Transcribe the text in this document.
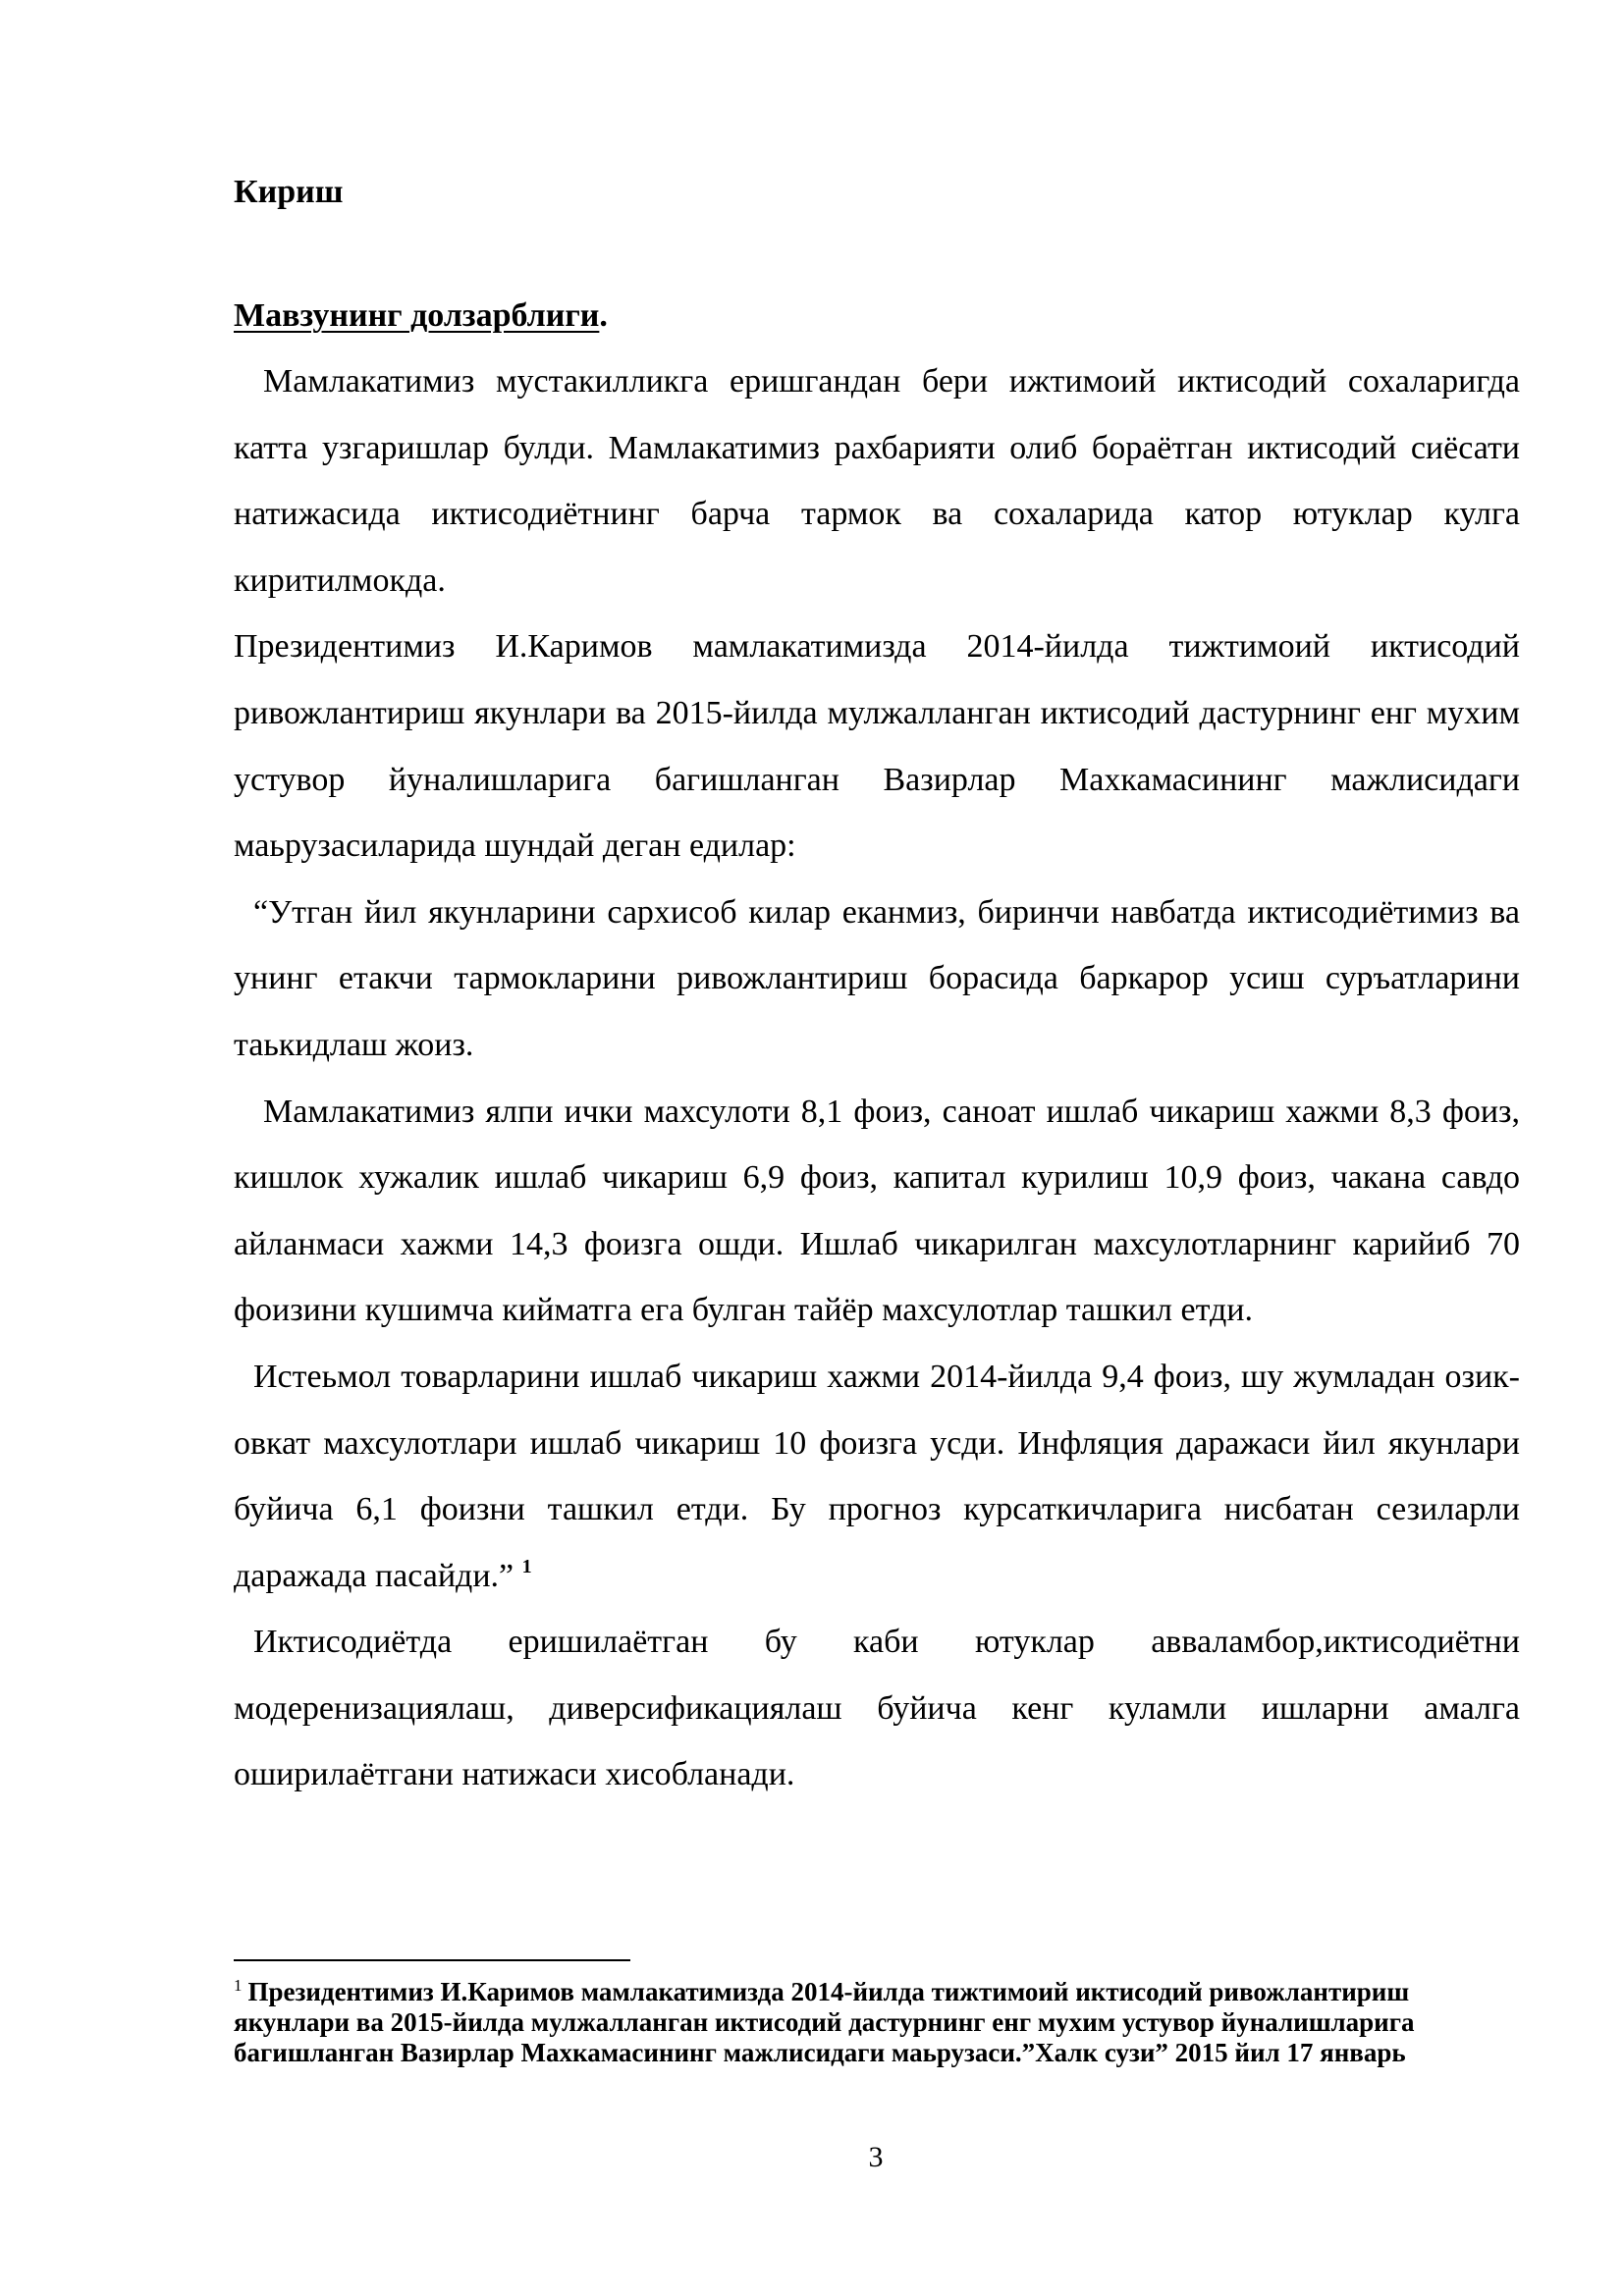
Кириш

Мавзунинг долзарблиги.

Мамлакатимиз мустакилликга еришгандан бери ижтимоий иктисодий сохаларигда катта узгаришлар булди. Мамлакатимиз рахбарияти олиб бораётган иктисодий сиёсати натижасида иктисодиётнинг барча тармок ва сохаларида катор ютуклар кулга киритилмокда.

Президентимиз И.Каримов мамлакатимизда 2014-йилда тижтимоий иктисодий ривожлантириш якунлари ва 2015-йилда мулжалланган иктисодий дастурнинг енг мухим устувор йуналишларига багишланган Вазирлар Махкамасининг мажлисидаги маьрузасиларида шундай деган едилар:

“Утган йил якунларини сархисоб килар еканмиз, биринчи навбатда иктисодиётимиз ва унинг етакчи тармокларини ривожлантириш борасида баркарор усиш суръатларини таькидлаш жоиз.

Мамлакатимиз ялпи ички махсулоти 8,1 фоиз, саноат ишлаб чикариш хажми 8,3 фоиз, кишлок хужалик ишлаб чикариш 6,9 фоиз, капитал курилиш 10,9 фоиз, чакана савдо айланмаси хажми 14,3 фоизга ошди. Ишлаб чикарилган махсулотларнинг карийиб 70 фоизини кушимча кийматга ега булган тайёр махсулотлар ташкил етди.

Истеьмол товарларини ишлаб чикариш хажми 2014-йилда 9,4 фоиз, шу жумладан озик-овкат махсулотлари ишлаб чикариш 10 фоизга усди. Инфляция даражаси йил якунлари буйича 6,1 фоизни ташкил етди. Бу прогноз курсаткичларига нисбатан сезиларли даражада пасайди.” $^1$

Иктисодиётда еришилаётган бу каби ютуклар авваламбор,иктисодиётни модеренизациялаш, диверсификациялаш буйича кенг куламли ишларни амалга оширилаётгани натижаси хисобланади.

$^1$ Президентимиз И.Каримов мамлакатимизда 2014-йилда тижтимоий иктисодий ривожлантириш якунлари ва 2015-йилда мулжалланган иктисодий дастурнинг енг мухим устувор йуналишларига багишланган Вазирлар Махкамасининг мажлисидаги маьрузаси.”Халк сузи” 2015 йил 17 январь

3
